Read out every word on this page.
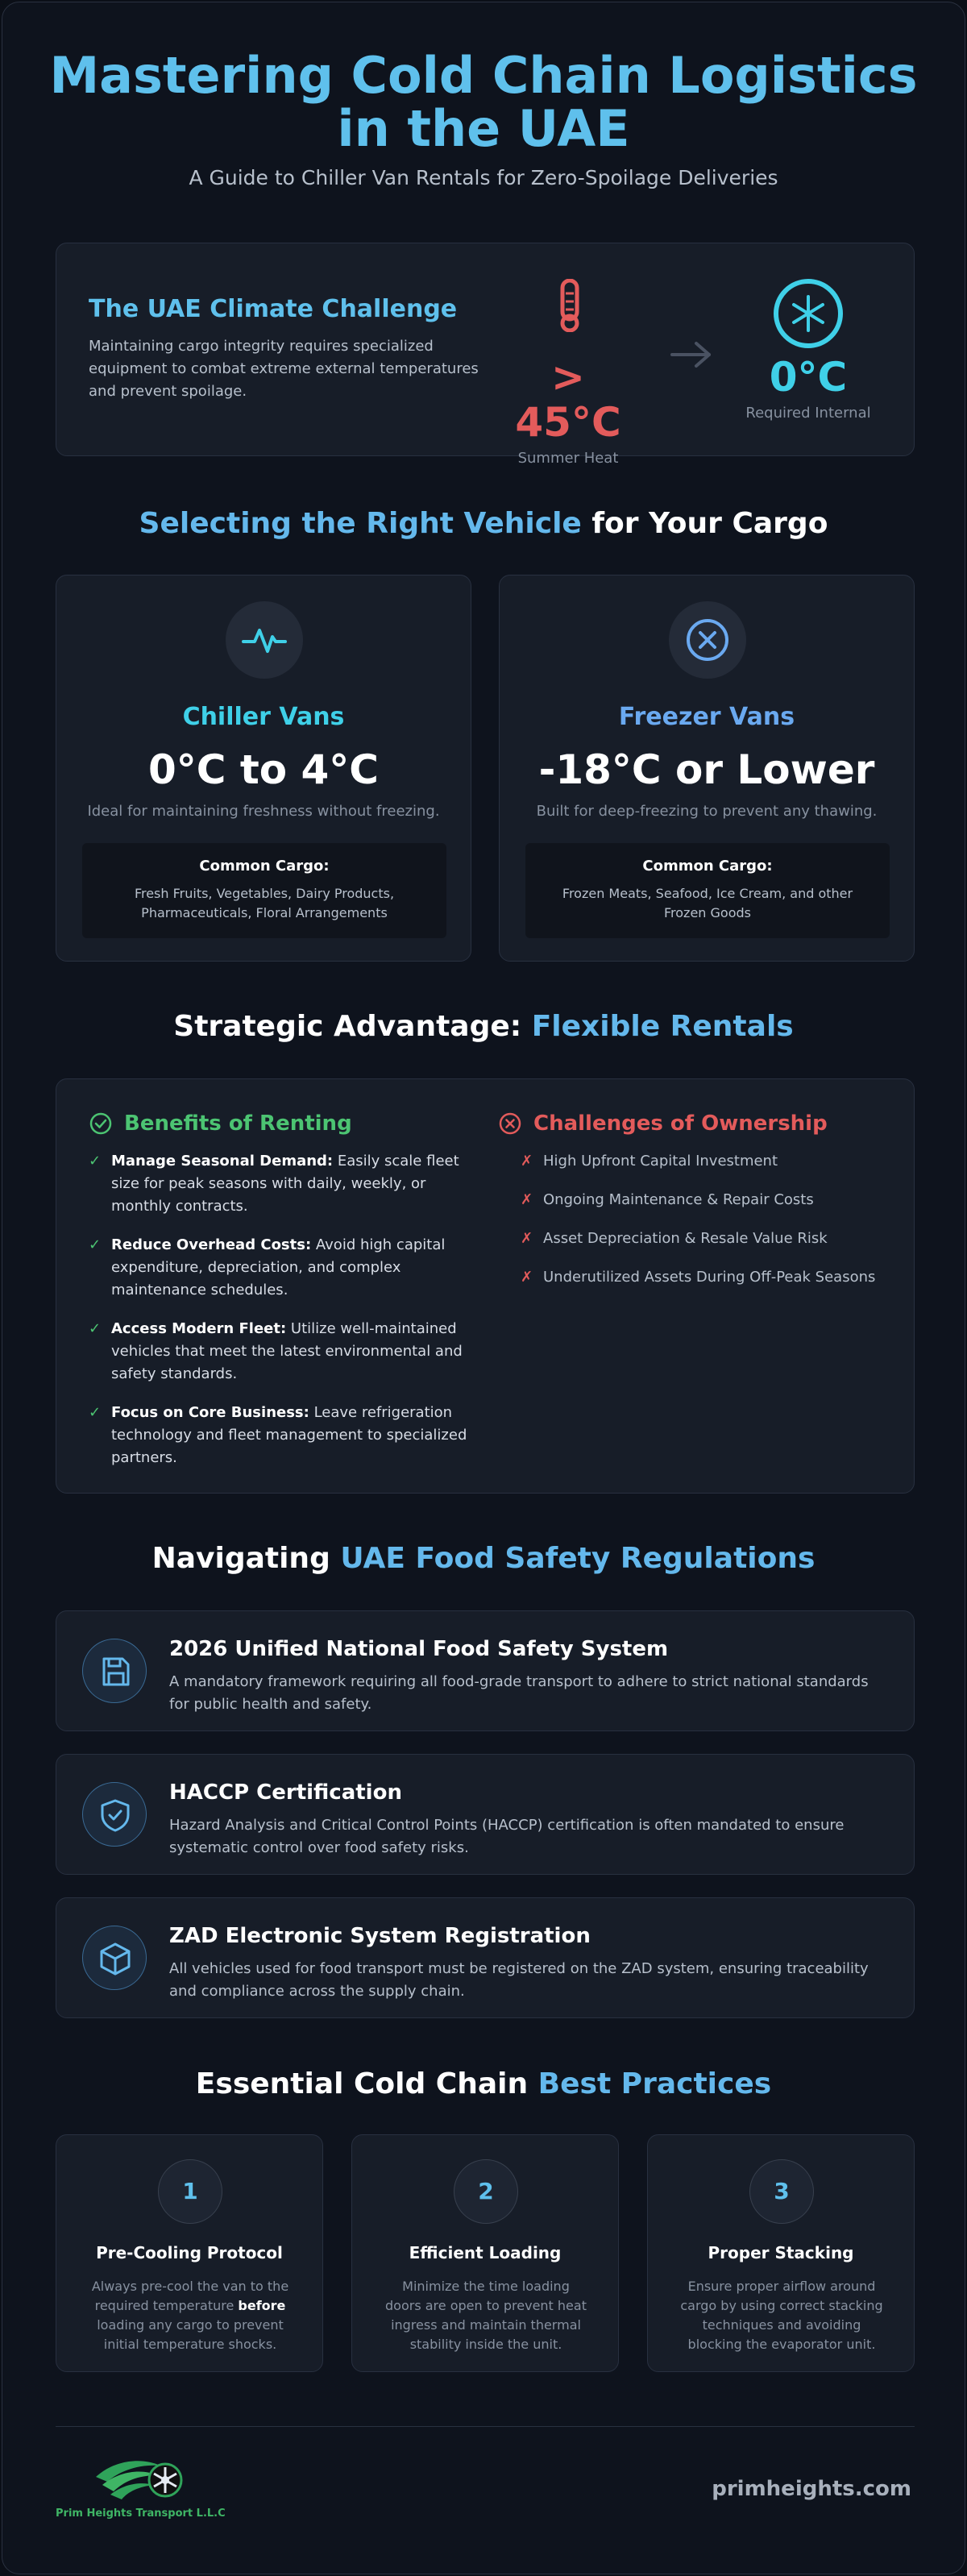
Mastering Cold Chain Logistics
in the UAE
A Guide to Chiller Van Rentals for Zero-Spoilage Deliveries
The UAE Climate Challenge
Maintaining cargo integrity requires specialized equipment to combat extreme external temperatures and prevent spoilage.	> 45°C
Summer Heat
0°C
Required Internal
Selecting the Right Vehicle for Your Cargo
Chiller Vans
0°C to 4°C
Ideal for maintaining freshness without freezing.
Common Cargo:
Fresh Fruits, Vegetables, Dairy Products, Pharmaceuticals, Floral Arrangements
Freezer Vans
-18°C or Lower
Built for deep-freezing to prevent any thawing.
Common Cargo:
Frozen Meats, Seafood, Ice Cream, and other Frozen Goods
Strategic Advantage: Flexible Rentals
Benefits of Renting
✓ Manage Seasonal Demand: Easily scale fleet size for peak seasons with daily, weekly, or monthly contracts.
✓ Reduce Overhead Costs: Avoid high capital expenditure, depreciation, and complex maintenance schedules.
✓ Access Modern Fleet: Utilize well-maintained vehicles that meet the latest environmental and safety standards.
✓ Focus on Core Business: Leave refrigeration technology and fleet management to specialized partners.
Challenges of Ownership
✗ High Upfront Capital Investment
✗ Ongoing Maintenance & Repair Costs
✗ Asset Depreciation & Resale Value Risk
✗ Underutilized Assets During Off-Peak Seasons
Navigating UAE Food Safety Regulations
2026 Unified National Food Safety System
A mandatory framework requiring all food-grade transport to adhere to strict national standards for public health and safety.
HACCP Certification
Hazard Analysis and Critical Control Points (HACCP) certification is often mandated to ensure systematic control over food safety risks.
ZAD Electronic System Registration
All vehicles used for food transport must be registered on the ZAD system, ensuring traceability and compliance across the supply chain.
Essential Cold Chain Best Practices
1
Pre-Cooling Protocol
Always pre-cool the van to the required temperature before loading any cargo to prevent initial temperature shocks.
2
Efficient Loading
Minimize the time loading doors are open to prevent heat ingress and maintain thermal stability inside the unit.
3
Proper Stacking
Ensure proper airflow around cargo by using correct stacking techniques and avoiding blocking the evaporator unit.
Prim Heights Transport L.L.C
primheights.com
